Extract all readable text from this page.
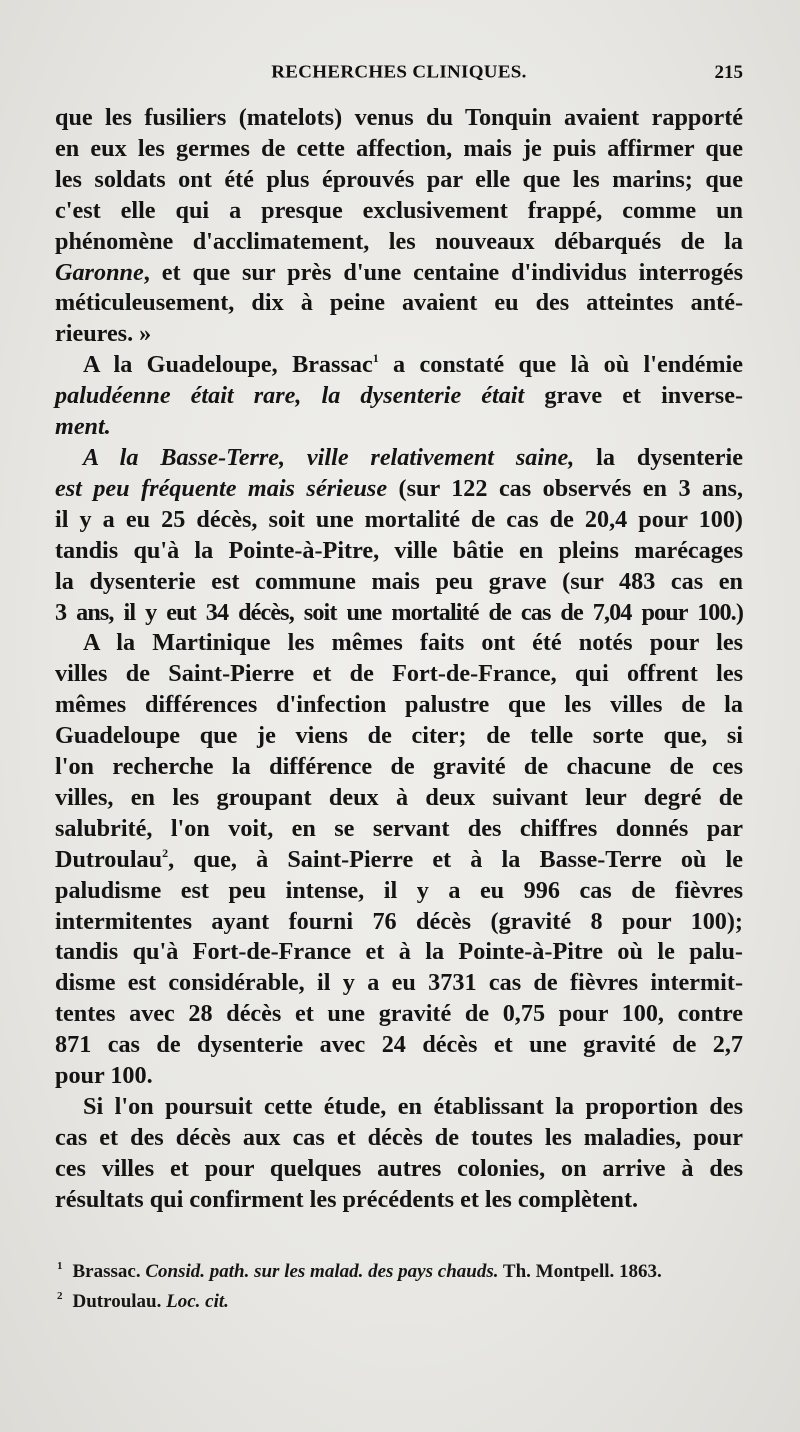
RECHERCHES CLINIQUES.	215
que les fusiliers (matelots) venus du Tonquin avaient rapporté
en eux les germes de cette affection, mais je puis affirmer que
les soldats ont été plus éprouvés par elle que les marins; que
c'est elle qui a presque exclusivement frappé, comme un
phénomène d'acclimatement, les nouveaux débarqués de la
Garonne, et que sur près d'une centaine d'individus interrogés
méticuleusement, dix à peine avaient eu des atteintes anté-
rieures. »
A la Guadeloupe, Brassac$^1$ a constaté que là où l'endémie
paludéenne était rare, la dysenterie était grave et inverse-
ment.
A la Basse-Terre, ville relativement saine, la dysenterie
est peu fréquente mais sérieuse (sur 122 cas observés en 3 ans,
il y a eu 25 décès, soit une mortalité de cas de 20,4 pour 100)
tandis qu'à la Pointe-à-Pitre, ville bâtie en pleins marécages
la dysenterie est commune mais peu grave (sur 483 cas en
3 ans, il y eut 34 décès, soit une mortalité de cas de 7,04 pour 100.)
A la Martinique les mêmes faits ont été notés pour les
villes de Saint-Pierre et de Fort-de-France, qui offrent les
mêmes différences d'infection palustre que les villes de la
Guadeloupe que je viens de citer; de telle sorte que, si
l'on recherche la différence de gravité de chacune de ces
villes, en les groupant deux à deux suivant leur degré de
salubrité, l'on voit, en se servant des chiffres donnés par
Dutroulau$^2$, que, à Saint-Pierre et à la Basse-Terre où le
paludisme est peu intense, il y a eu 996 cas de fièvres
intermitentes ayant fourni 76 décès (gravité 8 pour 100);
tandis qu'à Fort-de-France et à la Pointe-à-Pitre où le palu-
disme est considérable, il y a eu 3731 cas de fièvres intermit-
tentes avec 28 décès et une gravité de 0,75 pour 100, contre
871 cas de dysenterie avec 24 décès et une gravité de 2,7
pour 100.
Si l'on poursuit cette étude, en établissant la proportion des
cas et des décès aux cas et décès de toutes les maladies, pour
ces villes et pour quelques autres colonies, on arrive à des
résultats qui confirment les précédents et les complètent.
$^1$ Brassac. Consid. path. sur les malad. des pays chauds. Th. Montpell. 1863.
$^2$ Dutroulau. Loc. cit.
